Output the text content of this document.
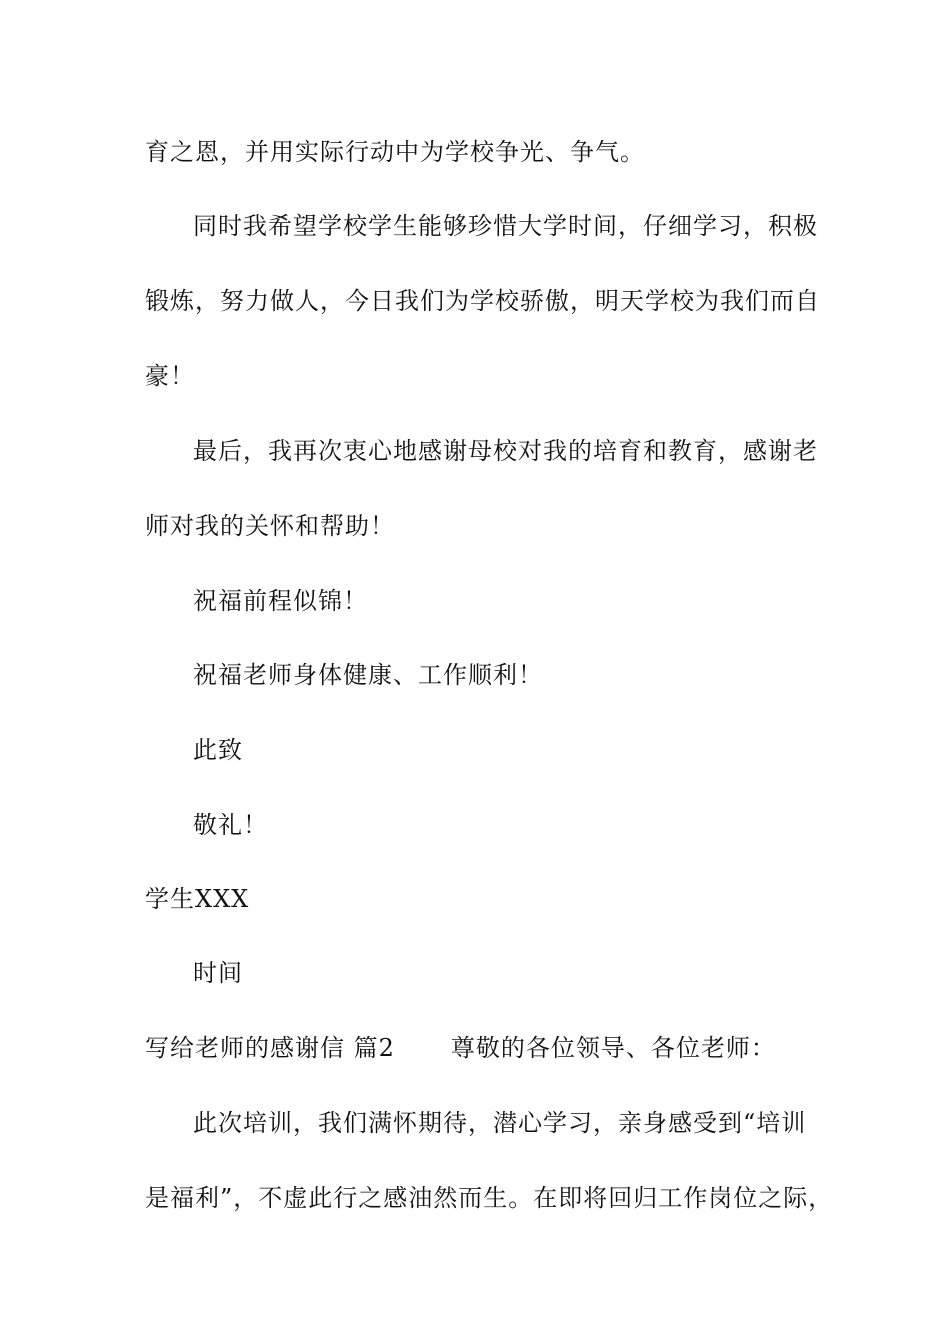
育之恩，并用实际行动中为学校争光、争气。
同时我希望学校学生能够珍惜大学时间，仔细学习，积极
锻炼，努力做人，今日我们为学校骄傲，明天学校为我们而自
豪！
最后，我再次衷心地感谢母校对我的培育和教育，感谢老
师对我的关怀和帮助！
祝福前程似锦！
祝福老师身体健康、工作顺利！
此致
敬礼！
学生XXX
时间
写给老师的感谢信 篇2 尊敬的各位领导、各位老师：
此次培训，我们满怀期待，潜心学习，亲身感受到“培训
是福利”，不虚此行之感油然而生。在即将回归工作岗位之际，
